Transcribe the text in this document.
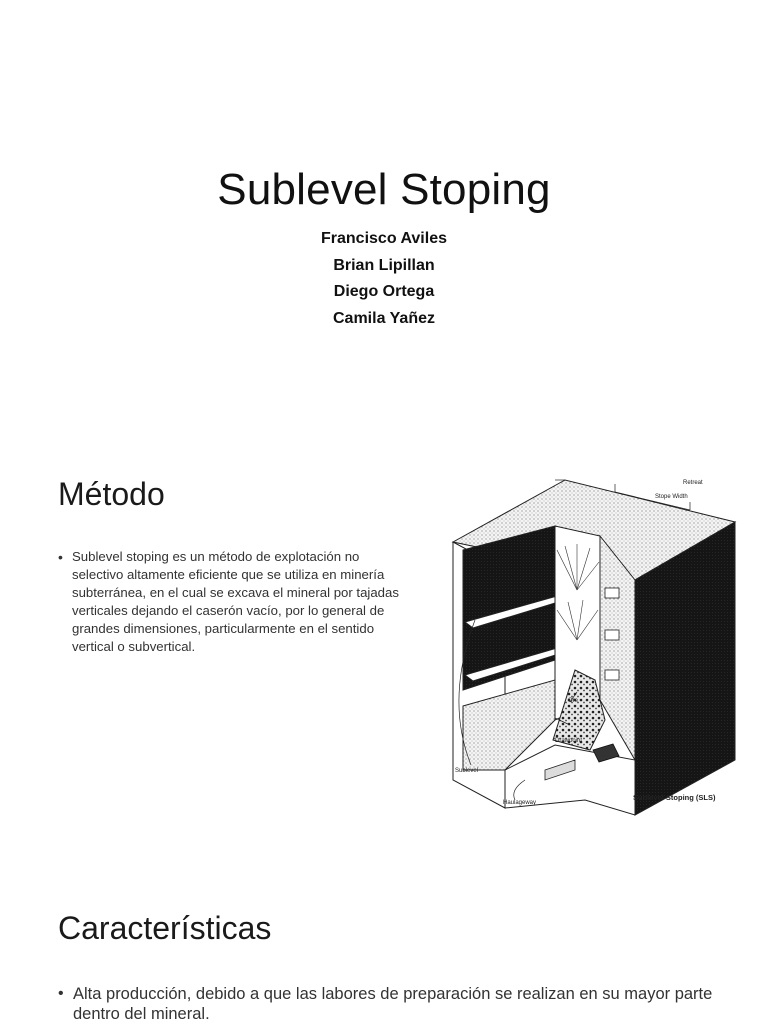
Sublevel Stoping
Francisco Aviles
Brian Lipillan
Diego Ortega
Camila Yañez
Método
• Sublevel stoping es un método de explotación no selectivo altamente eficiente que se utiliza en minería subterránea, en el cual se excava el mineral por tajadas verticales dejando el caserón vacío, por lo general de grandes dimensiones, particularmente en el sentido vertical o subvertical.
Retreat
Stope Width
Ore
Drawpoint
Sublevel
Haulageway
Sublevel Stoping (SLS)
Características
• Alta producción, debido a que las labores de preparación se realizan en su mayor parte dentro del mineral.
